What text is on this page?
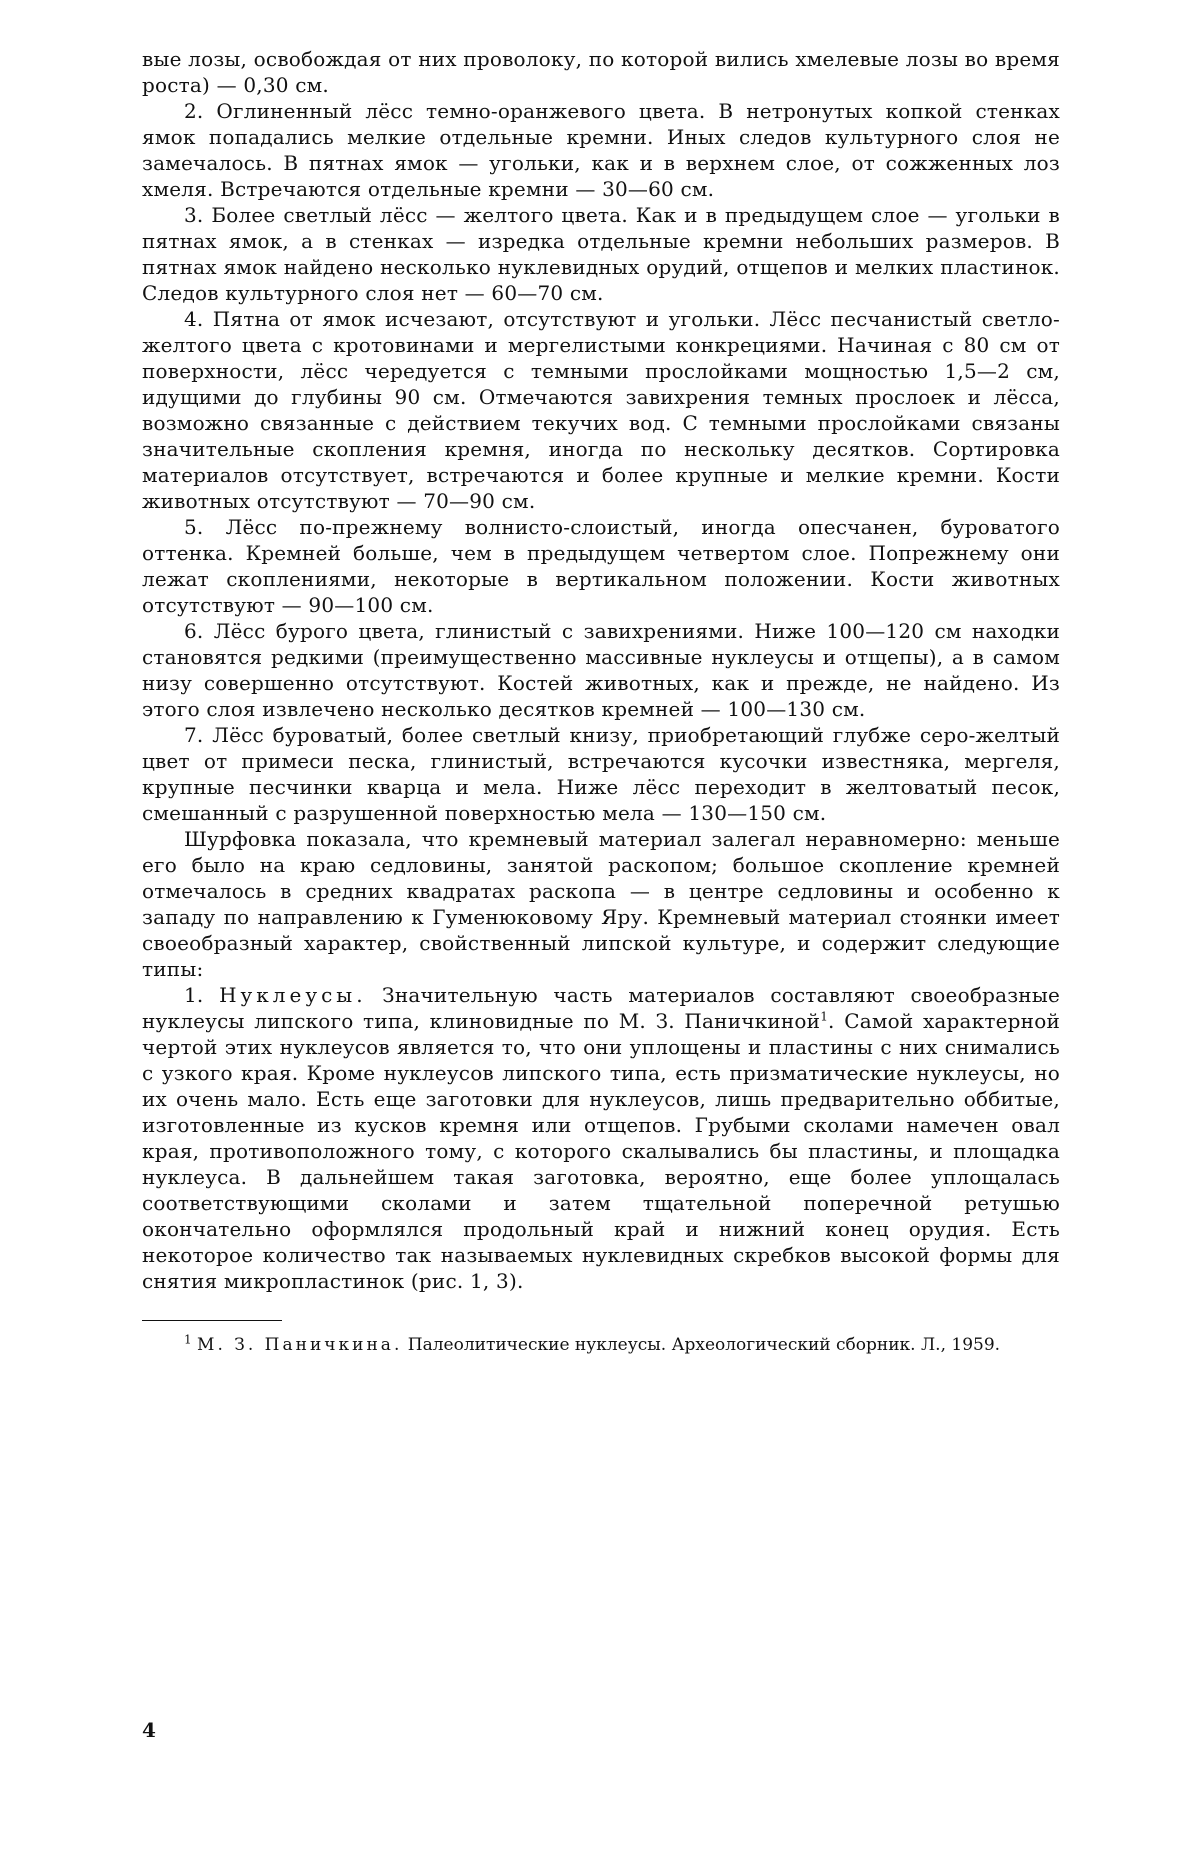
вые лозы, освобождая от них проволоку, по которой вились хмелевые лозы во время роста) — 0,30 см.

2. Оглиненный лёсс темно-оранжевого цвета. В нетронутых копкой стенках ямок попадались мелкие отдельные кремни. Иных следов культурного слоя не замечалось. В пятнах ямок — угольки, как и в верхнем слое, от сожженных лоз хмеля. Встречаются отдельные кремни — 30—60 см.

3. Более светлый лёсс — желтого цвета. Как и в предыдущем слое — угольки в пятнах ямок, а в стенках — изредка отдельные кремни небольших размеров. В пятнах ямок найдено несколько нуклевидных орудий, отщепов и мелких пластинок. Следов культурного слоя нет — 60—70 см.

4. Пятна от ямок исчезают, отсутствуют и угольки. Лёсс песчанистый светло-желтого цвета с кротовинами и мергелистыми конкрециями. Начиная с 80 см от поверхности, лёсс чередуется с темными прослойками мощностью 1,5—2 см, идущими до глубины 90 см. Отмечаются завихрения темных прослоек и лёсса, возможно связанные с действием текучих вод. С темными прослойками связаны значительные скопления кремня, иногда по нескольку десятков. Сортировка материалов отсутствует, встречаются и более крупные и мелкие кремни. Кости животных отсутствуют — 70—90 см.

5. Лёсс по-прежнему волнисто-слоистый, иногда опесчанен, буроватого оттенка. Кремней больше, чем в предыдущем четвертом слое. Попрежнему они лежат скоплениями, некоторые в вертикальном положении. Кости животных отсутствуют — 90—100 см.

6. Лёсс бурого цвета, глинистый с завихрениями. Ниже 100—120 см находки становятся редкими (преимущественно массивные нуклеусы и отщепы), а в самом низу совершенно отсутствуют. Костей животных, как и прежде, не найдено. Из этого слоя извлечено несколько десятков кремней — 100—130 см.

7. Лёсс буроватый, более светлый книзу, приобретающий глубже серо-желтый цвет от примеси песка, глинистый, встречаются кусочки известняка, мергеля, крупные песчинки кварца и мела. Ниже лёсс переходит в желтоватый песок, смешанный с разрушенной поверхностью мела — 130—150 см.

Шурфовка показала, что кремневый материал залегал неравномерно: меньше его было на краю седловины, занятой раскопом; большое скопление кремней отмечалось в средних квадратах раскопа — в центре седловины и особенно к западу по направлению к Гуменюковому Яру. Кремневый материал стоянки имеет своеобразный характер, свойственный липской культуре, и содержит следующие типы:

1. Нуклеусы. Значительную часть материалов составляют своеобразные нуклеусы липского типа, клиновидные по М. З. Паничкиной$^1$. Самой характерной чертой этих нуклеусов является то, что они уплощены и пластины с них снимались с узкого края. Кроме нуклеусов липского типа, есть призматические нуклеусы, но их очень мало. Есть еще заготовки для нуклеусов, лишь предварительно оббитые, изготовленные из кусков кремня или отщепов. Грубыми сколами намечен овал края, противоположного тому, с которого скалывались бы пластины, и площадка нуклеуса. В дальнейшем такая заготовка, вероятно, еще более уплощалась соответствующими сколами и затем тщательной поперечной ретушью окончательно оформлялся продольный край и нижний конец орудия. Есть некоторое количество так называемых нуклевидных скребков высокой формы для снятия микропластинок (рис. 1, 3).

$^1$ М. З. Паничкина. Палеолитические нуклеусы. Археологический сборник. Л., 1959.
4
